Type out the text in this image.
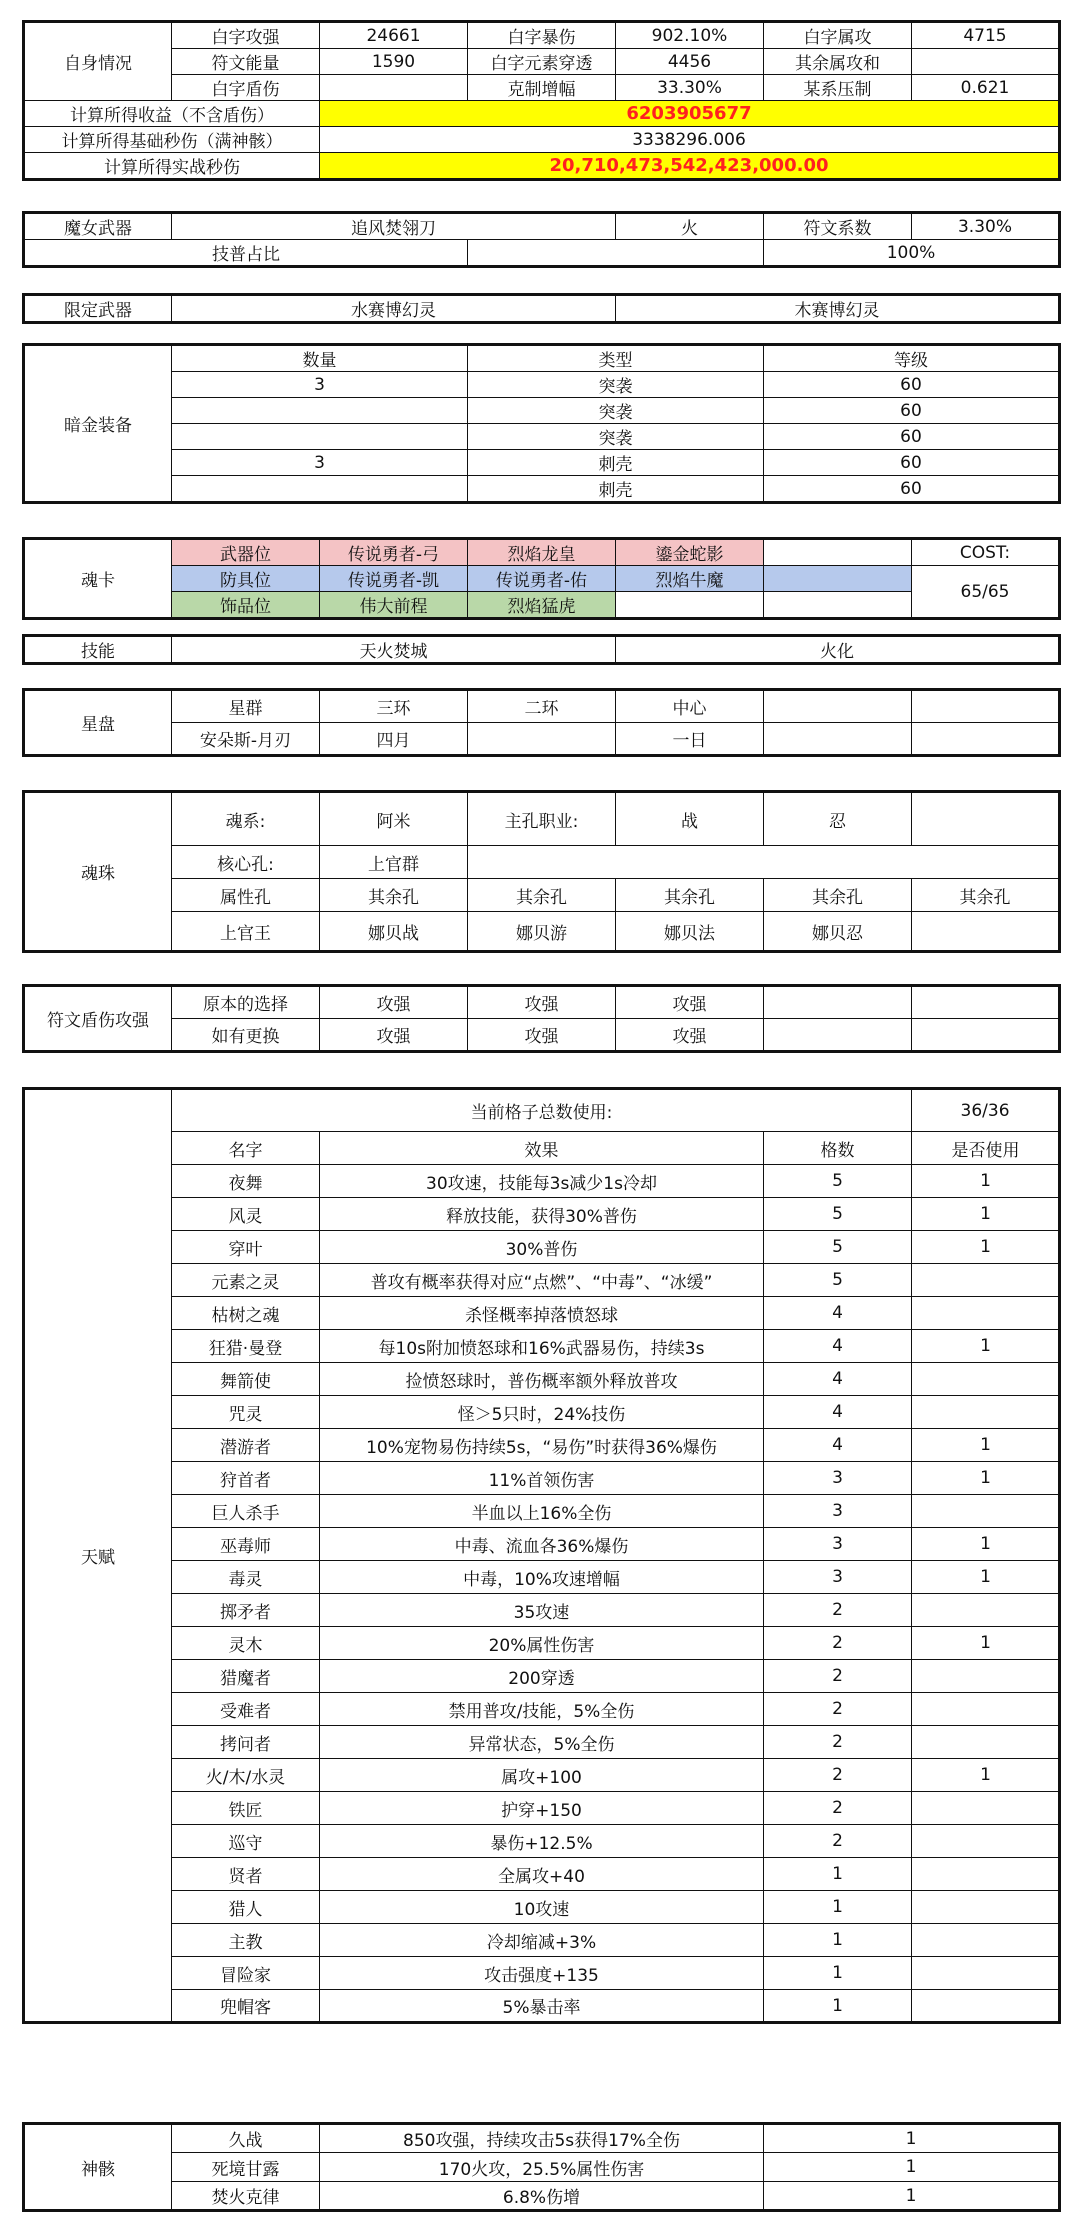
自身情况	白字攻强	24661	白字暴伤	902.10%	白字属攻	4715
	符文能量	1590	白字元素穿透	4456	其余属攻和	
	白字盾伤		克制增幅	33.30%	某系压制	0.621
计算所得收益（不含盾伤）		6203905677				
计算所得基础秒伤（满神骸）		3338296.006				
计算所得实战秒伤		20,710,473,542,423,000.00				
魔女武器	追风焚翎刀		火	符文系数	3.30%
技普占比				100%	
限定武器	水赛博幻灵	木赛博幻灵
暗金装备	数量	类型	等级
	3	突袭	60
		突袭	60
		突袭	60
	3	刺壳	60
		刺壳	60
魂卡	武器位	传说勇者-弓	烈焰龙皇	鎏金蛇影		COST:
	防具位	传说勇者-凯	传说勇者-佑	烈焰牛魔		65/65
	饰品位	伟大前程	烈焰猛虎			
技能	天火焚城	火化
星盘	星群	三环	二环	中心		
	安朵斯-月刃	四月		一日		
魂珠	魂系:	阿米	主孔职业:	战	忍	
	核心孔:	上官群				
	属性孔	其余孔	其余孔	其余孔	其余孔	其余孔
	上官王	娜贝战	娜贝游	娜贝法	娜贝忍	
符文盾伤攻强	原本的选择	攻强	攻强	攻强		
	如有更换	攻强	攻强	攻强		
天赋	当前格子总数使用:			36/36
	名字	效果	格数	是否使用
	夜舞	30攻速，技能每3s减少1s冷却	5	1
	风灵	释放技能，获得30%普伤	5	1
	穿叶	30%普伤	5	1
	元素之灵	普攻有概率获得对应“点燃”、“中毒”、“冰缓”	5	
	枯树之魂	杀怪概率掉落愤怒球	4	
	狂猎·曼登	每10s附加愤怒球和16%武器易伤，持续3s	4	1
	舞箭使	捡愤怒球时，普伤概率额外释放普攻	4	
	咒灵	怪＞5只时，24%技伤	4	
	潜游者	10%宠物易伤持续5s，“易伤”时获得36%爆伤	4	1
	狩首者	11%首领伤害	3	1
	巨人杀手	半血以上16%全伤	3	
	巫毒师	中毒、流血各36%爆伤	3	1
	毒灵	中毒，10%攻速增幅	3	1
	掷矛者	35攻速	2	
	灵木	20%属性伤害	2	1
	猎魔者	200穿透	2	
	受难者	禁用普攻/技能，5%全伤	2	
	拷问者	异常状态，5%全伤	2	
	火/木/水灵	属攻+100	2	1
	铁匠	护穿+150	2	
	巡守	暴伤+12.5%	2	
	贤者	全属攻+40	1	
	猎人	10攻速	1	
	主教	冷却缩减+3%	1	
	冒险家	攻击强度+135	1	
	兜帽客	5%暴击率	1	
神骸	久战	850攻强，持续攻击5s获得17%全伤	1
	死境甘露	170火攻，25.5%属性伤害	1
	焚火克律	6.8%伤增	1
